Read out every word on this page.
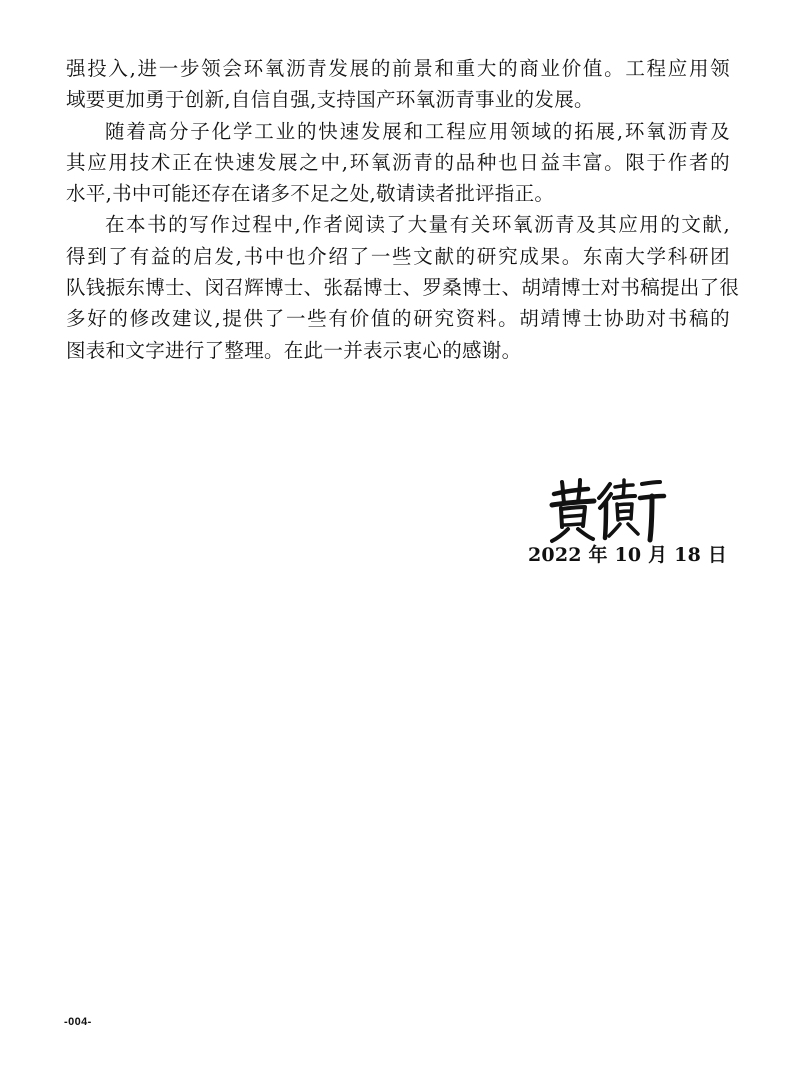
强投入,进一步领会环氧沥青发展的前景和重大的商业价值。工程应用领
域要更加勇于创新,自信自强,支持国产环氧沥青事业的发展。
随着高分子化学工业的快速发展和工程应用领域的拓展,环氧沥青及
其应用技术正在快速发展之中,环氧沥青的品种也日益丰富。限于作者的
水平,书中可能还存在诸多不足之处,敬请读者批评指正。
在本书的写作过程中,作者阅读了大量有关环氧沥青及其应用的文献,
得到了有益的启发,书中也介绍了一些文献的研究成果。东南大学科研团
队钱振东博士、闵召辉博士、张磊博士、罗桑博士、胡靖博士对书稿提出了很
多好的修改建议,提供了一些有价值的研究资料。胡靖博士协助对书稿的
图表和文字进行了整理。在此一并表示衷心的感谢。
2022 年 10 月 18 日
-004-
